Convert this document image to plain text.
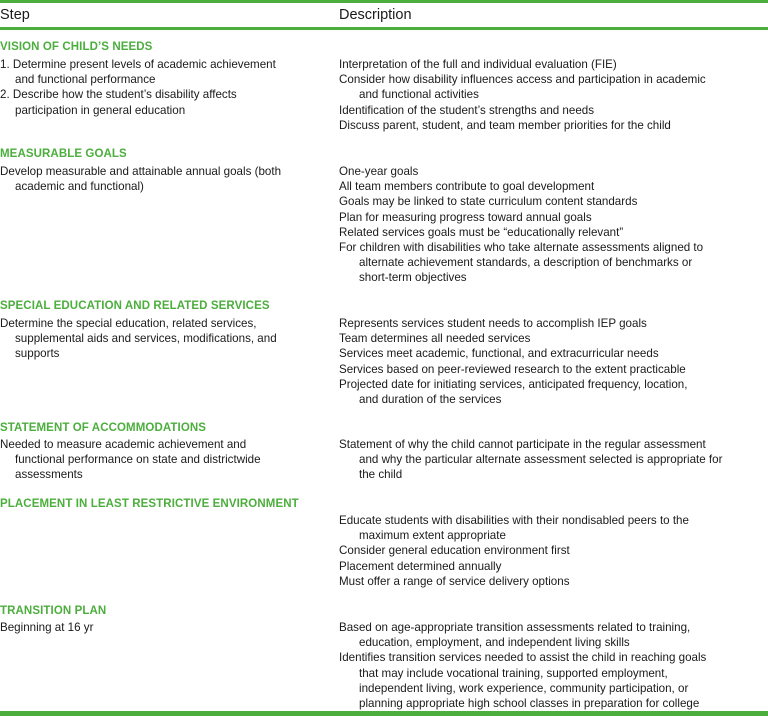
Step	Description
VISION OF CHILD’S NEEDS
1. Determine present levels of academic achievement
and functional performance
2. Describe how the student’s disability affects
participation in general education
Interpretation of the full and individual evaluation (FIE)
Consider how disability influences access and participation in academic
and functional activities
Identification of the student’s strengths and needs
Discuss parent, student, and team member priorities for the child
MEASURABLE GOALS
Develop measurable and attainable annual goals (both
academic and functional)
One-year goals
All team members contribute to goal development
Goals may be linked to state curriculum content standards
Plan for measuring progress toward annual goals
Related services goals must be “educationally relevant”
For children with disabilities who take alternate assessments aligned to
alternate achievement standards, a description of benchmarks or
short-term objectives
SPECIAL EDUCATION AND RELATED SERVICES
Determine the special education, related services,
supplemental aids and services, modifications, and
supports
Represents services student needs to accomplish IEP goals
Team determines all needed services
Services meet academic, functional, and extracurricular needs
Services based on peer-reviewed research to the extent practicable
Projected date for initiating services, anticipated frequency, location,
and duration of the services
STATEMENT OF ACCOMMODATIONS
Needed to measure academic achievement and
functional performance on state and districtwide
assessments
Statement of why the child cannot participate in the regular assessment
and why the particular alternate assessment selected is appropriate for
the child
PLACEMENT IN LEAST RESTRICTIVE ENVIRONMENT
Educate students with disabilities with their nondisabled peers to the
maximum extent appropriate
Consider general education environment first
Placement determined annually
Must offer a range of service delivery options
TRANSITION PLAN
Beginning at 16 yr	Based on age-appropriate transition assessments related to training,
education, employment, and independent living skills
Identifies transition services needed to assist the child in reaching goals
that may include vocational training, supported employment,
independent living, work experience, community participation, or
planning appropriate high school classes in preparation for college
